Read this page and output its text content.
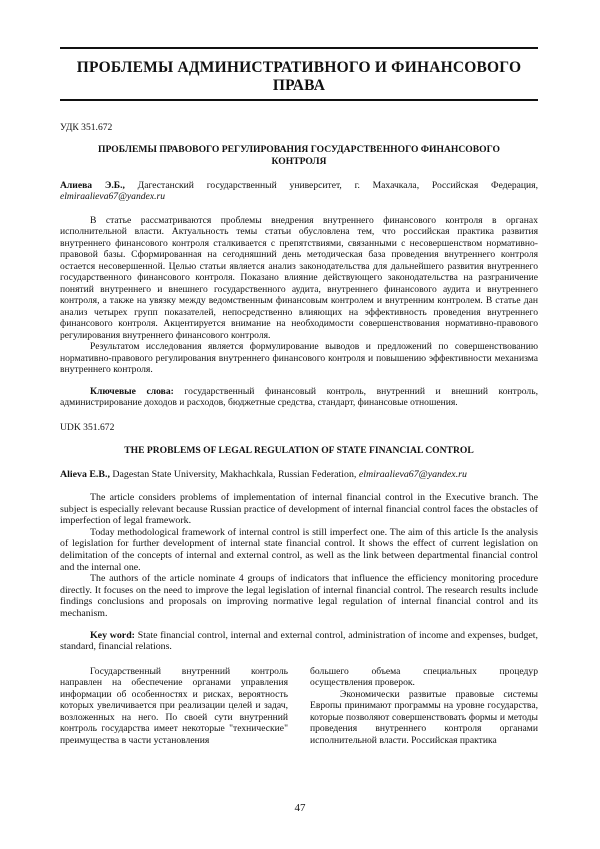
ПРОБЛЕМЫ АДМИНИСТРАТИВНОГО И ФИНАНСОВОГО ПРАВА
УДК 351.672
ПРОБЛЕМЫ ПРАВОВОГО РЕГУЛИРОВАНИЯ ГОСУДАРСТВЕННОГО ФИНАНСОВОГО КОНТРОЛЯ
Алиева Э.Б., Дагестанский государственный университет, г. Махачкала, Российская Федерация, elmiraalieva67@yandex.ru

В статье рассматриваются проблемы внедрения внутреннего финансового контроля в органах исполнительной власти. Актуальность темы статьи обусловлена тем, что российская практика развития внутреннего финансового контроля сталкивается с препятствиями, связанными с несовершенством нормативно-правовой базы. Сформированная на сегодняшний день методическая база проведения внутреннего контроля остается несовершенной. Целью статьи является анализ законодательства для дальнейшего развития внутреннего государственного финансового контроля. Показано влияние действующего законодательства на разграничение понятий внутреннего и внешнего государственного аудита, внутреннего финансового аудита и внутреннего контроля, а также на увязку между ведомственным финансовым контролем и внутренним контролем. В статье дан анализ четырех групп показателей, непосредственно влияющих на эффективность проведения внутреннего финансового контроля. Акцентируется внимание на необходимости совершенствования нормативно-правового регулирования внутреннего финансового контроля.

Результатом исследования является формулирование выводов и предложений по совершенствованию нормативно-правового регулирования внутреннего финансового контроля и повышению эффективности механизма внутреннего контроля.

Ключевые слова: государственный финансовый контроль, внутренний и внешний контроль, администрирование доходов и расходов, бюджетные средства, стандарт, финансовые отношения.

UDK 351.672
THE PROBLEMS OF LEGAL REGULATION OF STATE FINANCIAL CONTROL
Alieva E.B., Dagestan State University, Makhachkala, Russian Federation, elmiraalieva67@yandex.ru

The article considers problems of implementation of internal financial control in the Executive branch. The subject is especially relevant because Russian practice of development of internal financial control faces the obstacles of imperfection of legal framework.

Today methodological framework of internal control is still imperfect one. The aim of this article Is the analysis of legislation for further development of internal state financial control. It shows the effect of current legislation on delimitation of the concepts of internal and external control, as well as the link between departmental financial control and the internal one.

The authors of the article nominate 4 groups of indicators that influence the efficiency monitoring procedure directly. It focuses on the need to improve the legal legislation of internal financial control. The research results include findings conclusions and proposals on improving normative legal regulation of internal financial control and its mechanism.

Key word: State financial control, internal and external control, administration of income and expenses, budget, standard, financial relations.

Государственный внутренний контроль направлен на обеспечение органами управления информации об особенностях и рисках, вероятность которых увеличивается при реализации целей и задач, возложенных на него. По своей сути внутренний контроль государства имеет некоторые "технические" преимущества в части установления

большего объема специальных процедур осуществления проверок.

Экономически развитые правовые системы Европы принимают программы на уровне государства, которые позволяют совершенствовать формы и методы проведения внутреннего контроля органами исполнительной власти. Российская практика

47
